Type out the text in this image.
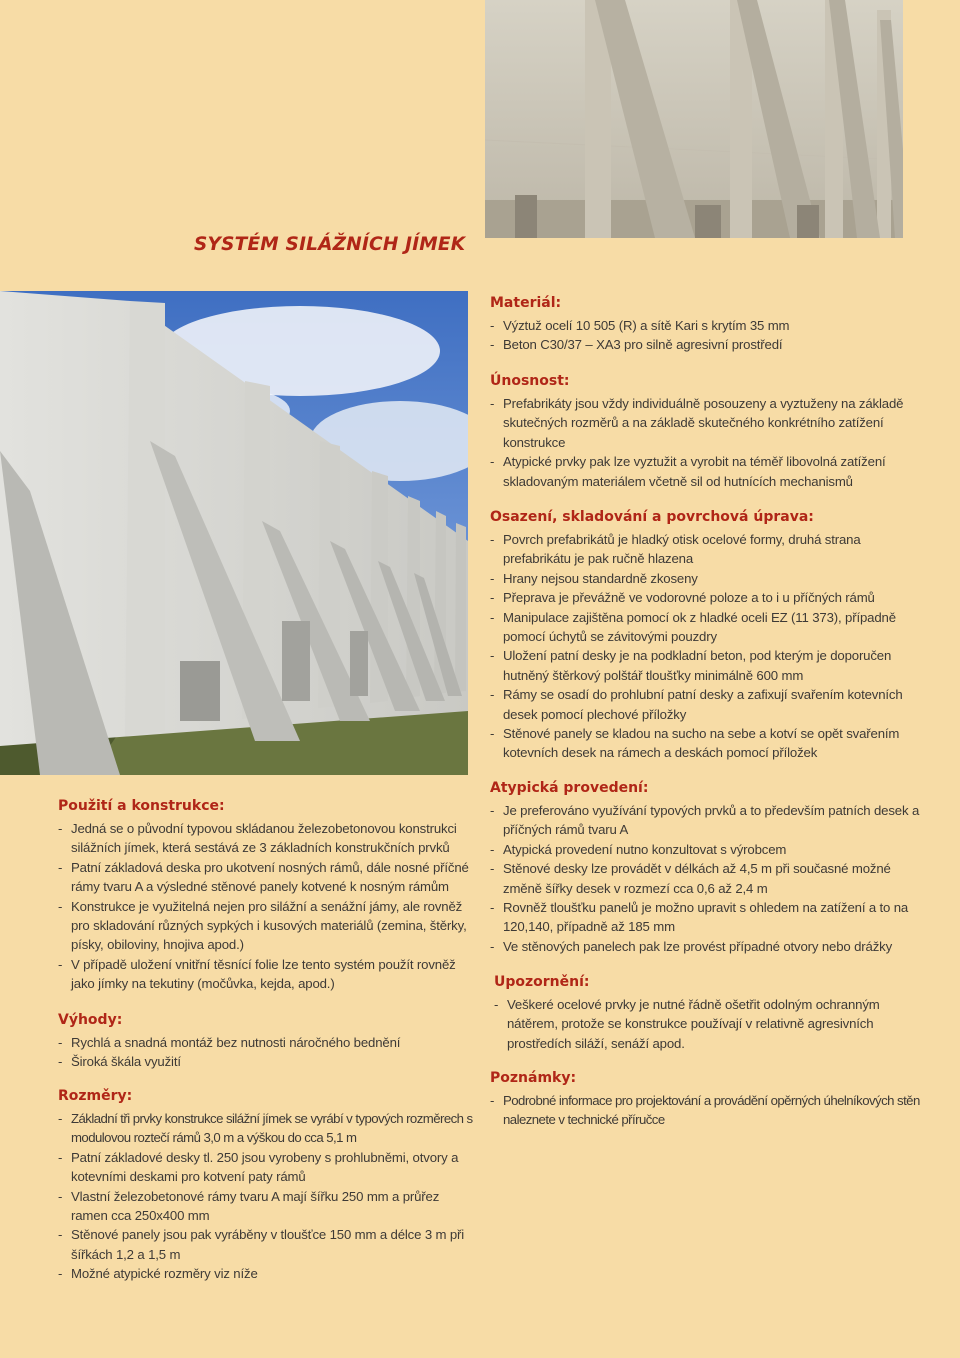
SYSTÉM SILÁŽNÍCH JÍMEK
Materiál:
- Výztuž ocelí 10 505 (R) a sítě Kari s krytím 35 mm
- Beton C30/37 – XA3 pro silně agresivní prostředí
Únosnost:
- Prefabrikáty jsou vždy individuálně posouzeny a vyztuženy na základě skutečných rozměrů a na základě skutečného konkrétního zatížení konstrukce
- Atypické prvky pak lze vyztužit a vyrobit na téměř libovolná zatížení skladovaným materiálem včetně sil od hutnících mechanismů
Osazení, skladování a povrchová úprava:
- Povrch prefabrikátů je hladký otisk ocelové formy, druhá strana prefabrikátu je pak ručně hlazena
- Hrany nejsou standardně zkoseny
- Přeprava je převážně ve vodorovné poloze a to i u příčných rámů
- Manipulace zajištěna pomocí ok z hladké oceli EZ (11 373), případně pomocí úchytů se závitovými pouzdry
- Uložení patní desky je na podkladní beton, pod kterým je doporučen hutněný štěrkový polštář tloušťky minimálně 600 mm
- Rámy se osadí do prohlubní patní desky a zafixují svařením kotevních desek pomocí plechové příložky
- Stěnové panely se kladou na sucho na sebe a kotví se opět svařením kotevních desek na rámech a deskách pomocí příložek
Atypická provedení:
- Je preferováno využívání typových prvků a to především patních desek a příčných rámů tvaru A
- Atypická provedení nutno konzultovat s výrobcem
- Stěnové desky lze provádět v délkách až 4,5 m při současné možné změně šířky desek v rozmezí cca 0,6 až 2,4 m
- Rovněž tloušťku panelů je možno upravit s ohledem na zatížení a to na 120,140, případně až 185 mm
- Ve stěnových panelech pak lze provést případné otvory nebo drážky
Upozornění:
- Veškeré ocelové prvky je nutné řádně ošetřit odolným ochranným nátěrem, protože se konstrukce používají v relativně agresivních prostředích siláží, senáží apod.
Poznámky:
- Podrobné informace pro projektování a provádění opěrných úhelníkových stěn naleznete v technické příručce
Použití a konstrukce:
- Jedná se o původní typovou skládanou železobetonovou konstrukci silážních jímek, která sestává ze 3 základních konstrukčních prvků
- Patní základová deska pro ukotvení nosných rámů, dále nosné příčné rámy tvaru A a výsledné stěnové panely kotvené k nosným rámům
- Konstrukce je využitelná nejen pro silážní a senážní jámy, ale rovněž pro skladování různých sypkých i kusových materiálů (zemina, štěrky, písky, obiloviny, hnojiva apod.)
- V případě uložení vnitřní těsnící folie lze tento systém použít rovněž jako jímky na tekutiny (močůvka, kejda, apod.)
Výhody:
- Rychlá a snadná montáž bez nutnosti náročného bednění
- Široká škála využití
Rozměry:
- Základní tři prvky konstrukce silážní jímek se vyrábí v typových rozměrech s modulovou roztečí rámů 3,0 m a výškou do cca 5,1 m
- Patní základové desky tl. 250 jsou vyrobeny s prohlubněmi, otvory a kotevními deskami pro kotvení paty rámů
- Vlastní železobetonové rámy tvaru A mají šířku 250 mm a průřez ramen cca 250x400 mm
- Stěnové panely jsou pak vyráběny v tloušťce 150 mm a délce 3 m při šířkách 1,2 a 1,5 m
- Možné atypické rozměry viz níže
